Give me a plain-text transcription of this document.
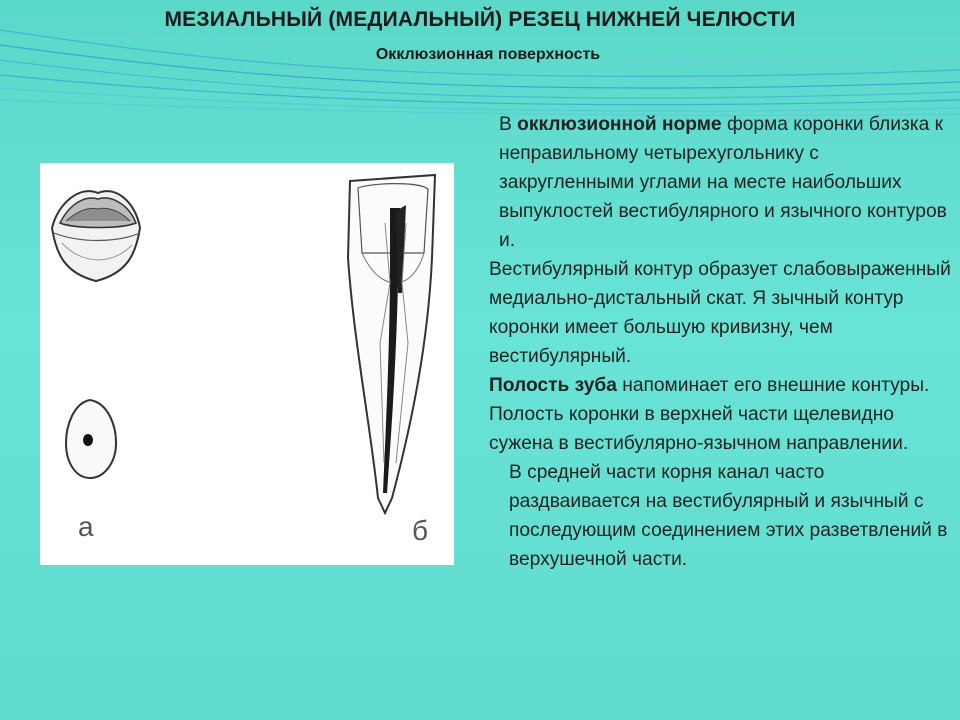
МЕЗИАЛЬНЫЙ (МЕДИАЛЬНЫЙ) РЕЗЕЦ НИЖНЕЙ ЧЕЛЮСТИ
Окклюзионная поверхность
а	б

В окклюзионной норме форма коронки близка к неправильному четырехугольнику с закругленными углами на месте наибольших выпуклостей вестибулярного и язычного контуров и.

Вестибулярный контур образует слабовыраженный медиально-дистальный скат. Я зычный контур коронки имеет большую кривизну, чем вестибулярный.

Полость зуба напоминает его внешние контуры. Полость коронки в верхней части щелевидно сужена в вестибулярно-язычном направлении.

В средней части корня канал часто раздваивается на вестибулярный и язычный с последующим соединением этих разветвлений в верхушечной части.
